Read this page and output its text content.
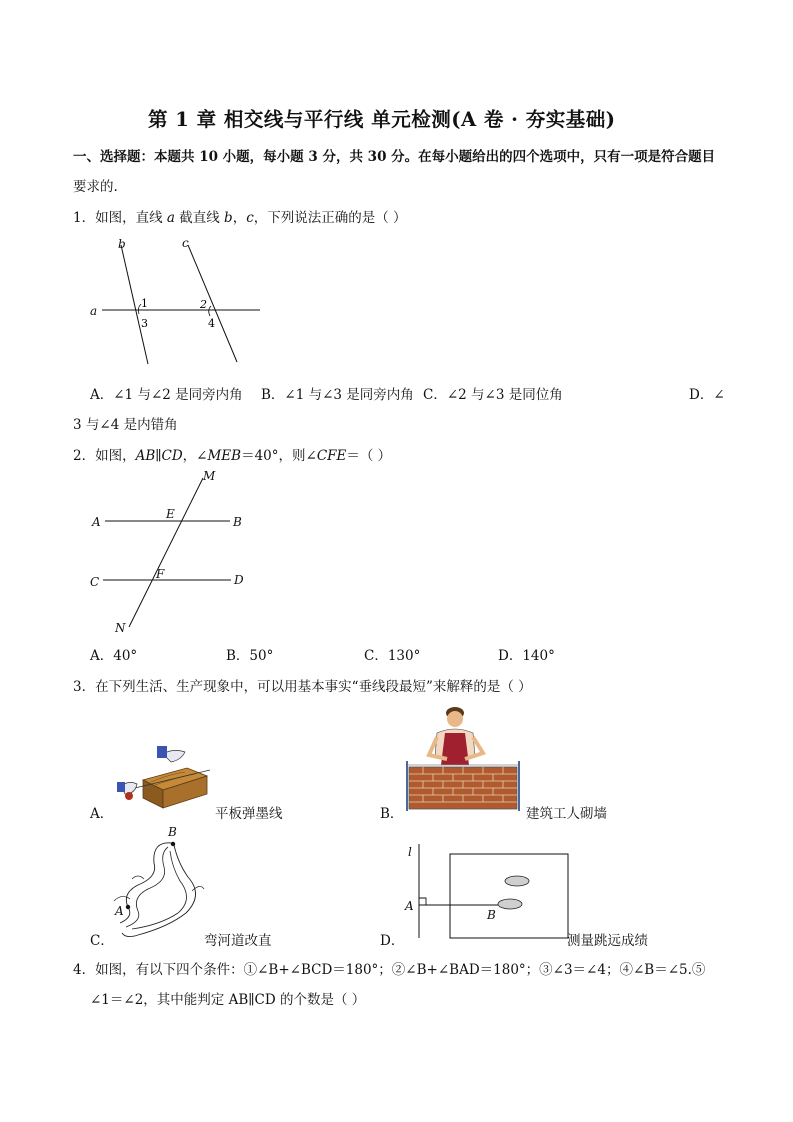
第 1 章 相交线与平行线 单元检测(A 卷 · 夯实基础)
一、选择题：本题共 10 小题，每小题 3 分，共 30 分。在每小题给出的四个选项中，只有一项是符合题目
要求的.
1．如图，直线 a 截直线 b，c，下列说法正确的是（ ）
b	c
a
1	2
3	4
A．∠1 与∠2 是同旁内角 B．∠1 与∠3 是同旁内角 C．∠2 与∠3 是同位角	D．∠
3 与∠4 是内错角
2．如图，AB∥CD，∠MEB＝40°，则∠CFE＝（ ）
M
E
A	B
C
F	D
N
A．40°	B．50°	C．130°	D．140°
3．在下列生活、生产现象中，可以用基本事实“垂线段最短”来解释的是（ ）
A．	平板弹墨线	B．	建筑工人砌墙
C．
B
A
弯河道改直	D．
l
A
B
测量跳远成绩
4．如图，有以下四个条件：①∠B+∠BCD＝180°；②∠B+∠BAD＝180°；③∠3＝∠4；④∠B＝∠5.⑤
∠1＝∠2，其中能判定 AB∥CD 的个数是（ ）
